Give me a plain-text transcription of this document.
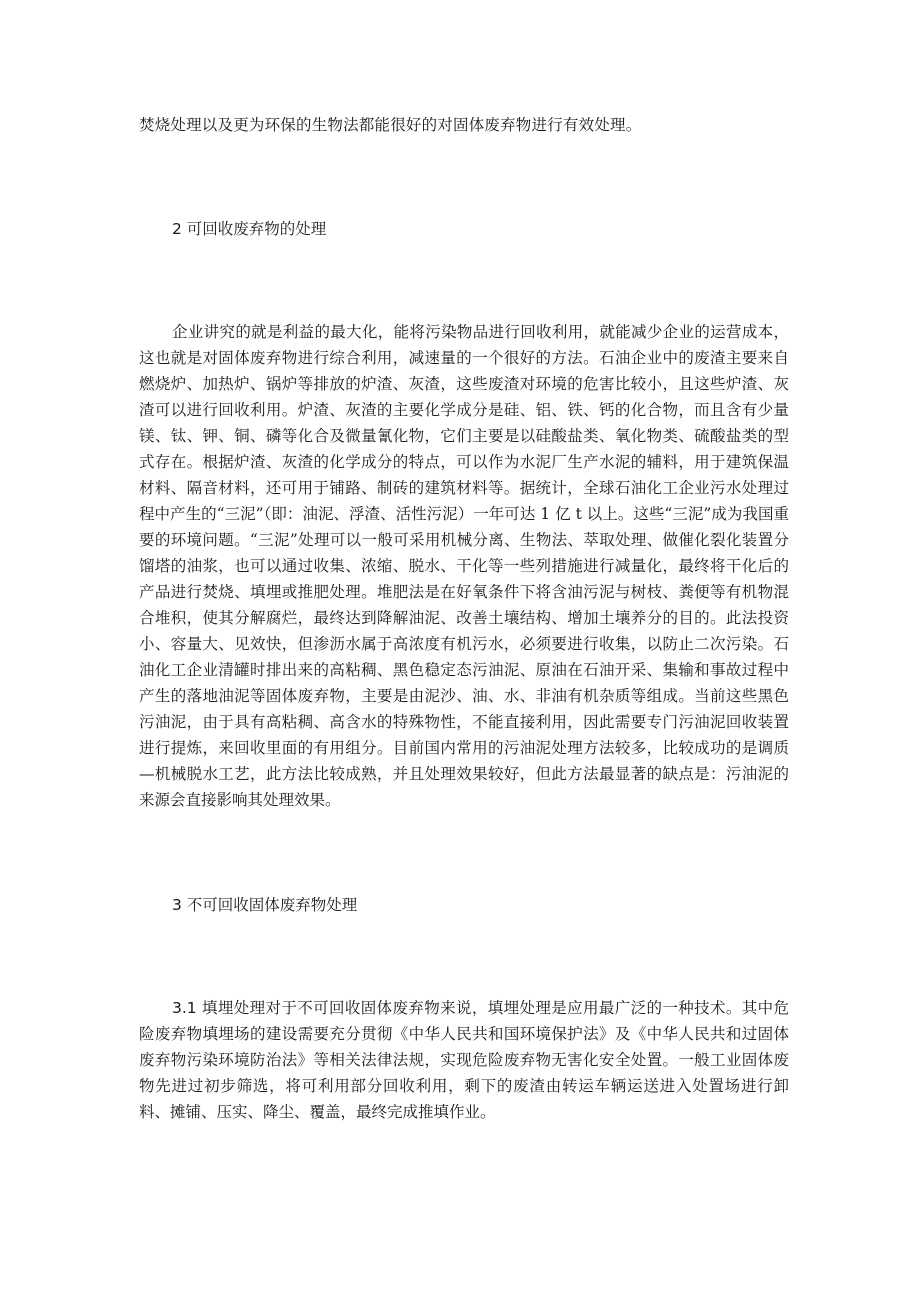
焚烧处理以及更为环保的生物法都能很好的对固体废弃物进行有效处理。
2 可回收废弃物的处理
企业讲究的就是利益的最大化，能将污染物品进行回收利用，就能减少企业的运营成本，这也就是对固体废弃物进行综合利用，减速量的一个很好的方法。石油企业中的废渣主要来自燃烧炉、加热炉、锅炉等排放的炉渣、灰渣，这些废渣对环境的危害比较小，且这些炉渣、灰渣可以进行回收利用。炉渣、灰渣的主要化学成分是硅、铝、铁、钙的化合物，而且含有少量镁、钛、钾、铜、磷等化合及微量氰化物，它们主要是以硅酸盐类、氧化物类、硫酸盐类的型式存在。根据炉渣、灰渣的化学成分的特点，可以作为水泥厂生产水泥的辅料，用于建筑保温材料、隔音材料，还可用于铺路、制砖的建筑材料等。据统计，全球石油化工企业污水处理过程中产生的“三泥”（即：油泥、浮渣、活性污泥）一年可达 1 亿 t 以上。这些“三泥”成为我国重要的环境问题。“三泥”处理可以一般可采用机械分离、生物法、萃取处理、做催化裂化装置分馏塔的油浆，也可以通过收集、浓缩、脱水、干化等一些列措施进行减量化，最终将干化后的产品进行焚烧、填埋或推肥处理。堆肥法是在好氧条件下将含油污泥与树枝、粪便等有机物混合堆积，使其分解腐烂，最终达到降解油泥、改善土壤结构、增加土壤养分的目的。此法投资小、容量大、见效快，但渗沥水属于高浓度有机污水，必须要进行收集，以防止二次污染。石油化工企业清罐时排出来的高粘稠、黑色稳定态污油泥、原油在石油开采、集输和事故过程中产生的落地油泥等固体废弃物，主要是由泥沙、油、水、非油有机杂质等组成。当前这些黑色污油泥，由于具有高粘稠、高含水的特殊物性，不能直接利用，因此需要专门污油泥回收装置进行提炼，来回收里面的有用组分。目前国内常用的污油泥处理方法较多，比较成功的是调质—机械脱水工艺，此方法比较成熟，并且处理效果较好，但此方法最显著的缺点是：污油泥的来源会直接影响其处理效果。
3 不可回收固体废弃物处理
3.1 填埋处理对于不可回收固体废弃物来说，填埋处理是应用最广泛的一种技术。其中危险废弃物填埋场的建设需要充分贯彻《中华人民共和国环境保护法》及《中华人民共和过固体废弃物污染环境防治法》等相关法律法规，实现危险废弃物无害化安全处置。一般工业固体废物先进过初步筛选，将可利用部分回收利用，剩下的废渣由转运车辆运送进入处置场进行卸料、摊铺、压实、降尘、覆盖，最终完成推填作业。
